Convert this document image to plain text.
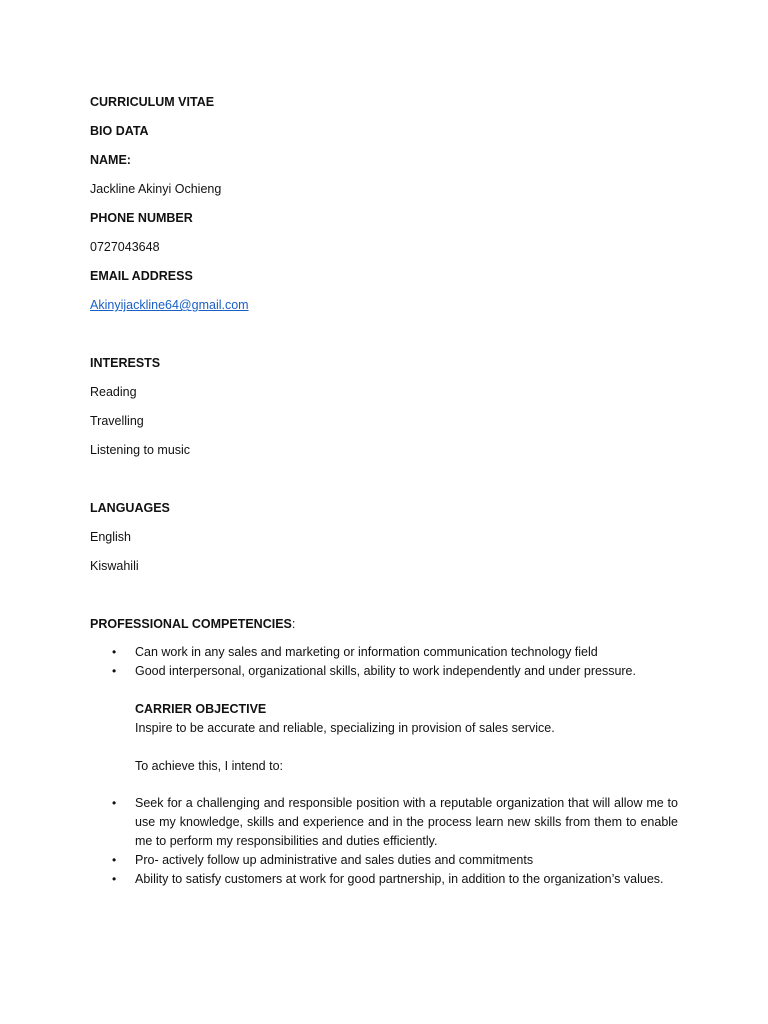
CURRICULUM VITAE
BIO DATA
NAME:
Jackline Akinyi Ochieng
PHONE NUMBER
0727043648
EMAIL ADDRESS
Akinyijackline64@gmail.com
INTERESTS
Reading
Travelling
Listening to music
LANGUAGES
English
Kiswahili
PROFESSIONAL COMPETENCIES:
•	Can work in any sales and marketing or information communication technology field
•	Good interpersonal, organizational skills, ability to work independently and under pressure.
CARRIER OBJECTIVE
Inspire to be accurate and reliable, specializing in provision of sales service.
To achieve this, I intend to:
•	Seek for a challenging and responsible position with a reputable organization that will allow me to use my knowledge, skills and experience and in the process learn new skills from them to enable me to perform my responsibilities and duties efficiently.
•	Pro- actively follow up administrative and sales duties and commitments
•	Ability to satisfy customers at work for good partnership, in addition to the organization’s values.
